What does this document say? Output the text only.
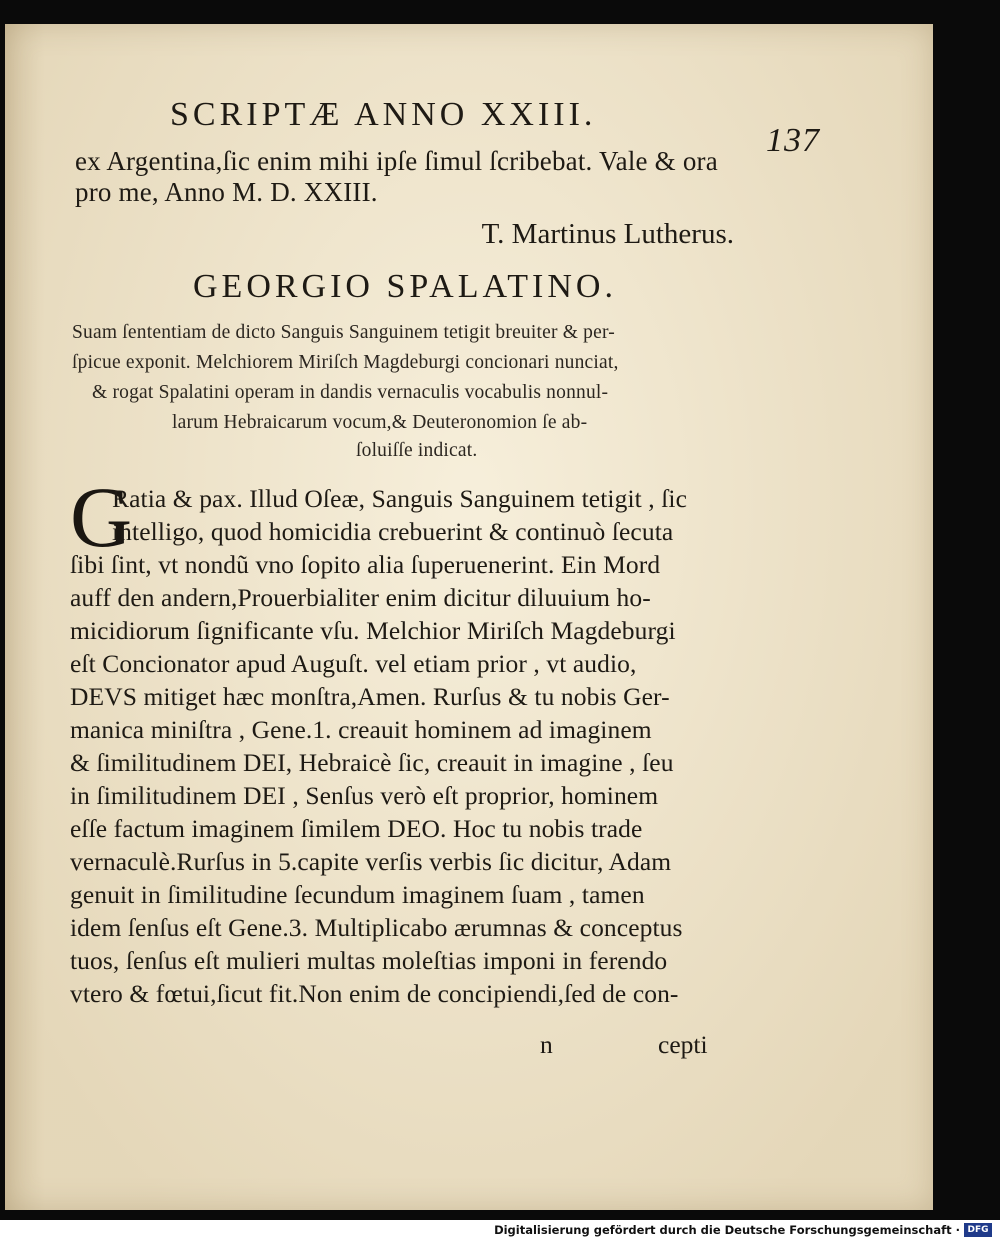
SCRIPTÆ ANNO XXIII.
137
ex Argentina,ſic enim mihi ipſe ſimul ſcribebat. Vale & ora
pro me, Anno M. D. XXIII.
T. Martinus Lutherus.
GEORGIO SPALATINO.
Suam ſententiam de dicto Sanguis Sanguinem tetigit breuiter & per-
ſpicue exponit. Melchiorem Miriſch Magdeburgi concionari nunciat,
& rogat Spalatini operam in dandis vernaculis vocabulis nonnul-
larum Hebraicarum vocum,& Deuteronomion ſe ab-
ſoluiſſe indicat.
G
Ratia & pax. Illud Oſeæ, Sanguis Sanguinem tetigit , ſic
intelligo, quod homicidia crebuerint & continuò ſecuta
ſibi ſint, vt nondũ vno ſopito alia ſuperuenerint. Ein Mord
auff den andern,Prouerbialiter enim dicitur diluuium ho-
micidiorum ſignificante vſu. Melchior Miriſch Magdeburgi
eſt Concionator apud Auguſt. vel etiam prior , vt audio,
DEVS mitiget hæc monſtra,Amen. Rurſus & tu nobis Ger-
manica miniſtra , Gene.1. creauit hominem ad imaginem
& ſimilitudinem DEI, Hebraicè ſic, creauit in imagine , ſeu
in ſimilitudinem DEI , Senſus verò eſt proprior, hominem
eſſe factum imaginem ſimilem DEO. Hoc tu nobis trade
vernaculè.Rurſus in 5.capite verſis verbis ſic dicitur, Adam
genuit in ſimilitudine ſecundum imaginem ſuam , tamen
idem ſenſus eſt Gene.3. Multiplicabo ærumnas & conceptus
tuos, ſenſus eſt mulieri multas moleſtias imponi in ferendo
vtero & fœtui,ſicut fit.Non enim de concipiendi,ſed de con-
n	cepti
Digitalisierung gefördert durch die Deutsche Forschungsgemeinschaft · DFG
